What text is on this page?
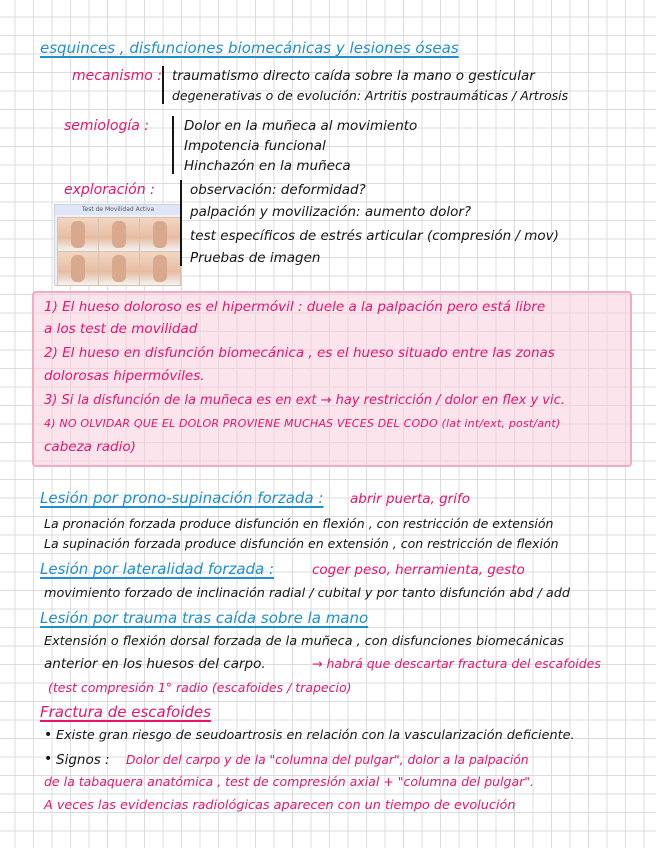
esquinces , disfunciones biomecánicas y lesiones óseas
mecanismo : traumatismo directo caída sobre la mano o gesticular
degenerativas o de evolución: Artritis postraumáticas / Artrosis
semiología :	Dolor en la muñeca al movimiento
Impotencia funcional
Hinchazón en la muñeca
exploración :
Test de Movilidad Activa
observación: deformidad?
palpación y movilización: aumento dolor?
test específicos de estrés articular (compresión / mov)
Pruebas de imagen
1) El hueso doloroso es el hipermóvil : duele a la palpación pero está libre
a los test de movilidad
2) El hueso en disfunción biomecánica , es el hueso situado entre las zonas
dolorosas hipermóviles.
3) Si la disfunción de la muñeca es en ext → hay restricción / dolor en flex y vic.
4) NO OLVIDAR QUE EL DOLOR PROVIENE MUCHAS VECES DEL CODO (lat int/ext, post/ant)
cabeza radio)
Lesión por prono-supinación forzada : abrir puerta, grifo
La pronación forzada produce disfunción en flexión , con restricción de extensión
La supinación forzada produce disfunción en extensión , con restricción de flexión
Lesión por lateralidad forzada :	coger peso, herramienta, gesto
movimiento forzado de inclinación radial / cubital y por tanto disfunción abd / add
Lesión por trauma tras caída sobre la mano
Extensión o flexión dorsal forzada de la muñeca , con disfunciones biomecánicas
anterior en los huesos del carpo.	→ habrá que descartar fractura del escafoides
(test compresión 1° radio (escafoides / trapecio)
Fractura de escafoides
• Existe gran riesgo de seudoartrosis en relación con la vascularización deficiente.
• Signos : Dolor del carpo y de la "columna del pulgar", dolor a la palpación
de la tabaquera anatómica , test de compresión axial + "columna del pulgar".
A veces las evidencias radiológicas aparecen con un tiempo de evolución
